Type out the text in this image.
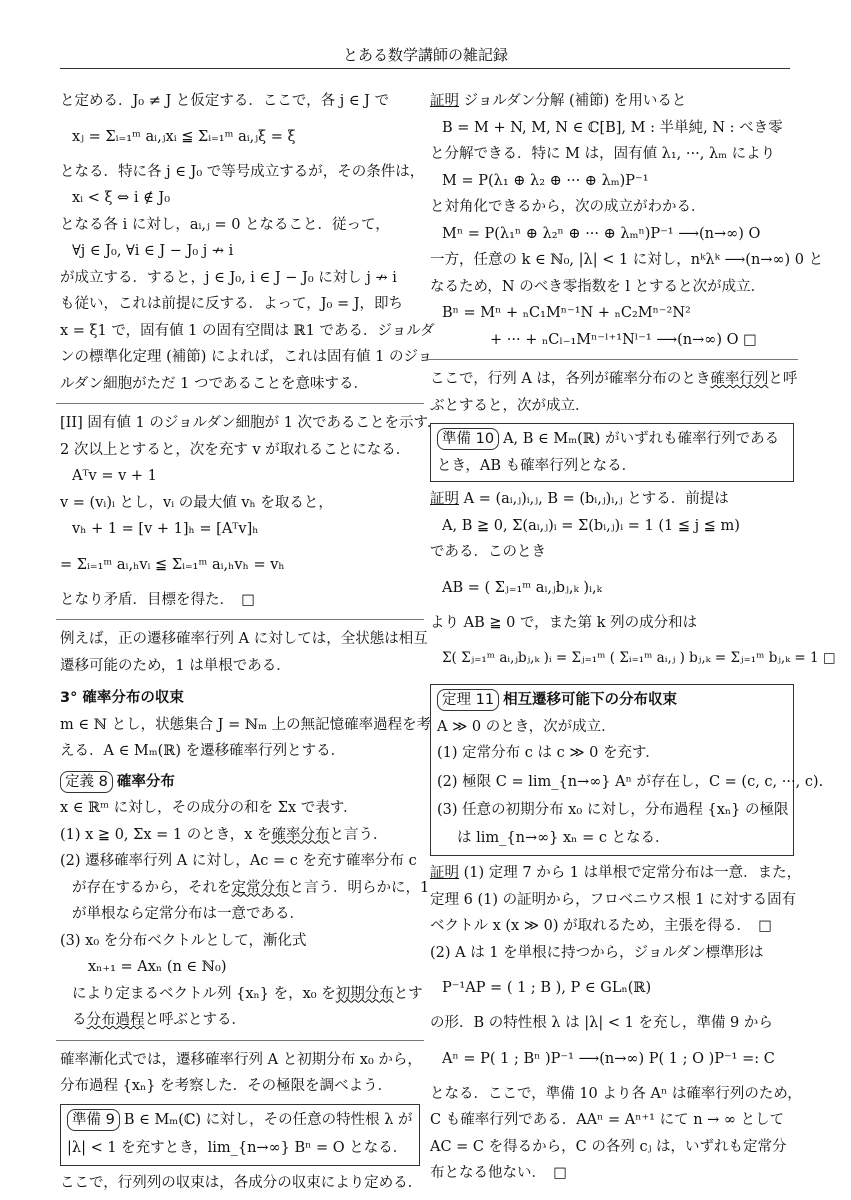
とある数学講師の雑記録
と定める．J₀ ≠ J と仮定する．ここで，各 j ∈ J で
xⱼ = Σᵢ₌₁ᵐ aᵢ,ⱼxᵢ ≦ Σᵢ₌₁ᵐ aᵢ,ⱼξ = ξ
となる．特に各 j ∈ J₀ で等号成立するが，その条件は，
xᵢ < ξ ⇔ i ∉ J₀
となる各 i に対し，aᵢ,ⱼ = 0 となること．従って，
∀j ∈ J₀, ∀i ∈ J − J₀ j ↛ i
が成立する．すると，j ∈ J₀, i ∈ J − J₀ に対し j ↛ i
も従い，これは前提に反する．よって，J₀ = J，即ち
x = ξ1 で，固有値 1 の固有空間は ℝ1 である．ジョルダ
ンの標準化定理 (補節) によれば，これは固有値 1 のジョ
ルダン細胞がただ 1 つであることを意味する．
[II] 固有値 1 のジョルダン細胞が 1 次であることを示す．
2 次以上とすると，次を充す v が取れることになる．
Aᵀv = v + 1
v = (vᵢ)ᵢ とし，vᵢ の最大値 vₕ を取ると，
vₕ + 1 = [v + 1]ₕ = [Aᵀv]ₕ
= Σᵢ₌₁ᵐ aᵢ,ₕvᵢ ≦ Σᵢ₌₁ᵐ aᵢ,ₕvₕ = vₕ
となり矛盾．目標を得た．　□
例えば，正の遷移確率行列 A に対しては，全状態は相互
遷移可能のため，1 は単根である．
3° 確率分布の収束
m ∈ ℕ とし，状態集合 J = ℕₘ 上の無記憶確率過程を考
える．A ∈ Mₘ(ℝ) を遷移確率行列とする．
定義 8 確率分布
x ∈ ℝᵐ に対し，その成分の和を Σx で表す．
(1) x ≧ 0, Σx = 1 のとき，x を確率分布と言う．
(2) 遷移確率行列 A に対し，Ac = c を充す確率分布 c
が存在するから，それを定常分布と言う．明らかに，1
が単根なら定常分布は一意である．
(3) x₀ を分布ベクトルとして，漸化式
xₙ₊₁ = Axₙ (n ∈ ℕ₀)
により定まるベクトル列 {xₙ} を，x₀ を初期分布とす
る分布過程と呼ぶとする．
確率漸化式では，遷移確率行列 A と初期分布 x₀ から，
分布過程 {xₙ} を考察した．その極限を調べよう．
準備 9 B ∈ Mₘ(ℂ) に対し，その任意の特性根 λ が
|λ| < 1 を充すとき，lim_{n→∞} Bⁿ = O となる．
ここで，行列列の収束は，各成分の収束により定める．
証明 ジョルダン分解 (補節) を用いると
B = M + N, M, N ∈ ℂ[B], M : 半単純, N : べき零
と分解できる．特に M は，固有値 λ₁, ···, λₘ により
M = P(λ₁ ⊕ λ₂ ⊕ ··· ⊕ λₘ)P⁻¹
と対角化できるから，次の成立がわかる．
Mⁿ = P(λ₁ⁿ ⊕ λ₂ⁿ ⊕ ··· ⊕ λₘⁿ)P⁻¹ ⟶(n→∞) O
一方，任意の k ∈ ℕ₀, |λ| < 1 に対し，nᵏλᵏ ⟶(n→∞) 0 と
なるため，N のべき零指数を l とすると次が成立．
Bⁿ = Mⁿ + ₙC₁Mⁿ⁻¹N + ₙC₂Mⁿ⁻²N²
+ ··· + ₙCₗ₋₁Mⁿ⁻ˡ⁺¹Nˡ⁻¹ ⟶(n→∞) O □
ここで，行列 A は，各列が確率分布のとき確率行列と呼
ぶとすると，次が成立．
準備 10 A, B ∈ Mₘ(ℝ) がいずれも確率行列である
とき，AB も確率行列となる．
証明 A = (aᵢ,ⱼ)ᵢ,ⱼ, B = (bᵢ,ⱼ)ᵢ,ⱼ とする．前提は
A, B ≧ 0, Σ(aᵢ,ⱼ)ᵢ = Σ(bᵢ,ⱼ)ᵢ = 1 (1 ≦ j ≦ m)
である．このとき
AB = ( Σⱼ₌₁ᵐ aᵢ,ⱼbⱼ,ₖ )ᵢ,ₖ
より AB ≧ 0 で，また第 k 列の成分和は
Σ( Σⱼ₌₁ᵐ aᵢ,ⱼbⱼ,ₖ )ᵢ = Σⱼ₌₁ᵐ ( Σᵢ₌₁ᵐ aᵢ,ⱼ ) bⱼ,ₖ = Σⱼ₌₁ᵐ bⱼ,ₖ = 1 □
定理 11 相互遷移可能下の分布収束
A ≫ 0 のとき，次が成立．
(1) 定常分布 c は c ≫ 0 を充す．
(2) 極限 C = lim_{n→∞} Aⁿ が存在し，C = (c, c, ···, c).
(3) 任意の初期分布 x₀ に対し，分布過程 {xₙ} の極限
は lim_{n→∞} xₙ = c となる．
証明 (1) 定理 7 から 1 は単根で定常分布は一意．また，
定理 6 (1) の証明から，フロベニウス根 1 に対する固有
ベクトル x (x ≫ 0) が取れるため，主張を得る．　□
(2) A は 1 を単根に持つから，ジョルダン標準形は
P⁻¹AP = ( 1 ; B ), P ∈ GLₙ(ℝ)
の形．B の特性根 λ は |λ| < 1 を充し，準備 9 から
Aⁿ = P( 1 ; Bⁿ )P⁻¹ ⟶(n→∞) P( 1 ; O )P⁻¹ =: C
となる．ここで，準備 10 より各 Aⁿ は確率行列のため，
C も確率行列である．AAⁿ = Aⁿ⁺¹ にて n → ∞ として
AC = C を得るから，C の各列 cⱼ は，いずれも定常分
布となる他ない．　□
